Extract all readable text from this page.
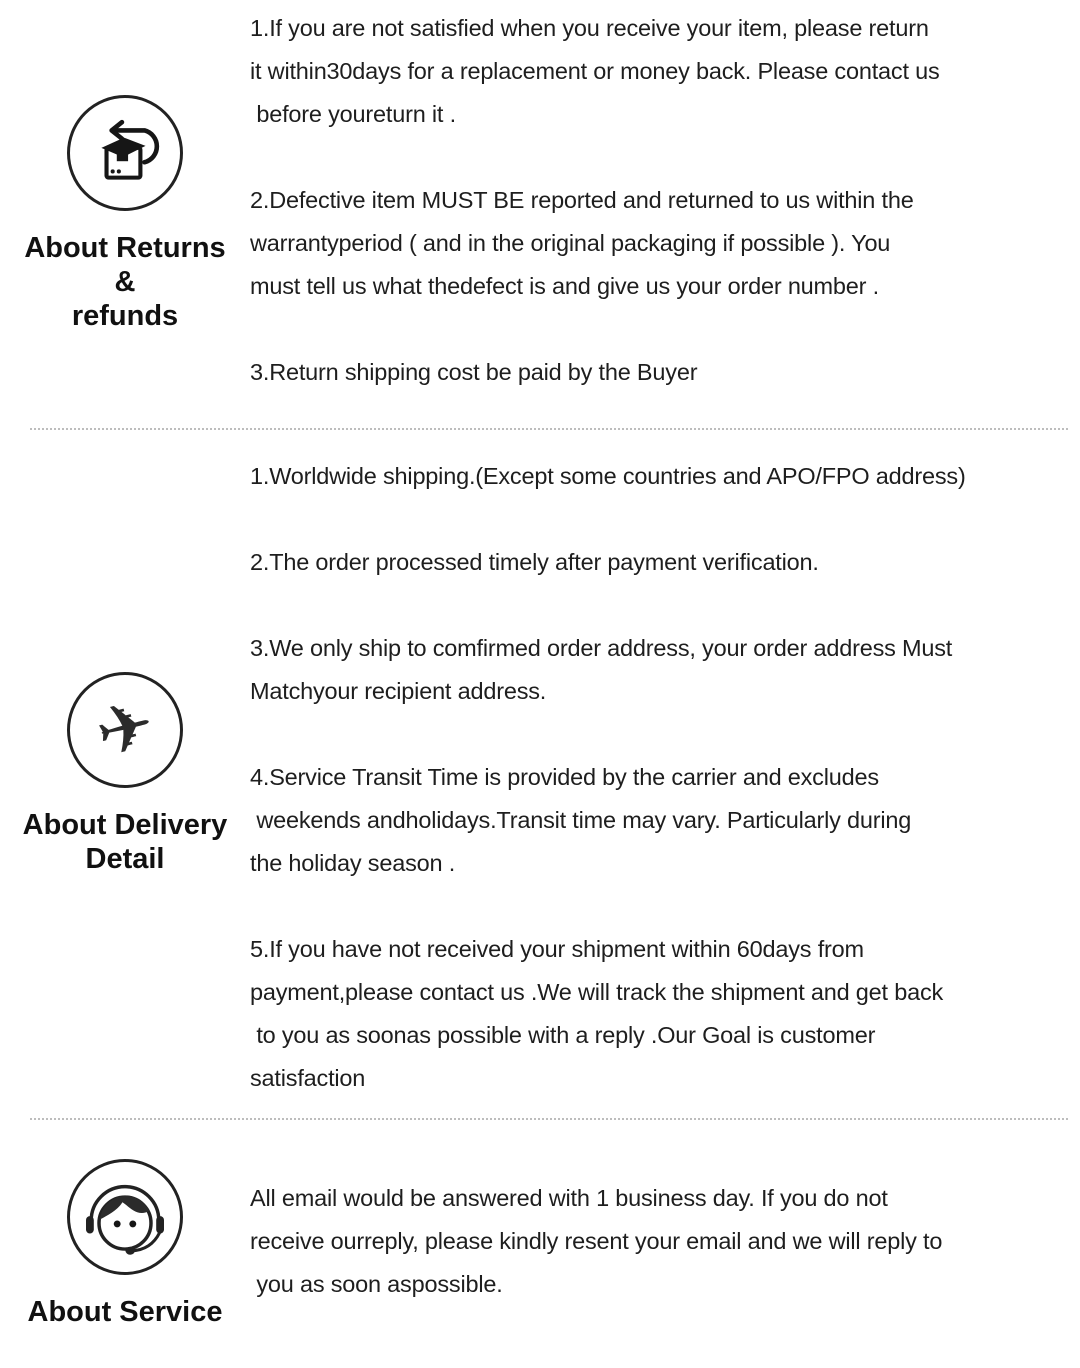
About Returns
&
refunds
1.If you are not satisfied when you receive your item, please return
it within30days for a replacement or money back. Please contact us
before youreturn it .
2.Defective item MUST BE reported and returned to us within the
warrantyperiod ( and in the original packaging if possible ). You
must tell us what thedefect is and give us your order number .
3.Return shipping cost be paid by the Buyer
✈
About Delivery
Detail
1.Worldwide shipping.(Except some countries and APO/FPO address)
2.The order processed timely after payment verification.
3.We only ship to comfirmed order address, your order address Must
Matchyour recipient address.
4.Service Transit Time is provided by the carrier and excludes
weekends andholidays.Transit time may vary. Particularly during
the holiday season .
5.If you have not received your shipment within 60days from
payment,please contact us .We will track the shipment and get back
to you as soonas possible with a reply .Our Goal is customer
satisfaction
About Service
All email would be answered with 1 business day. If you do not
receive ourreply, please kindly resent your email and we will reply to
you as soon aspossible.
